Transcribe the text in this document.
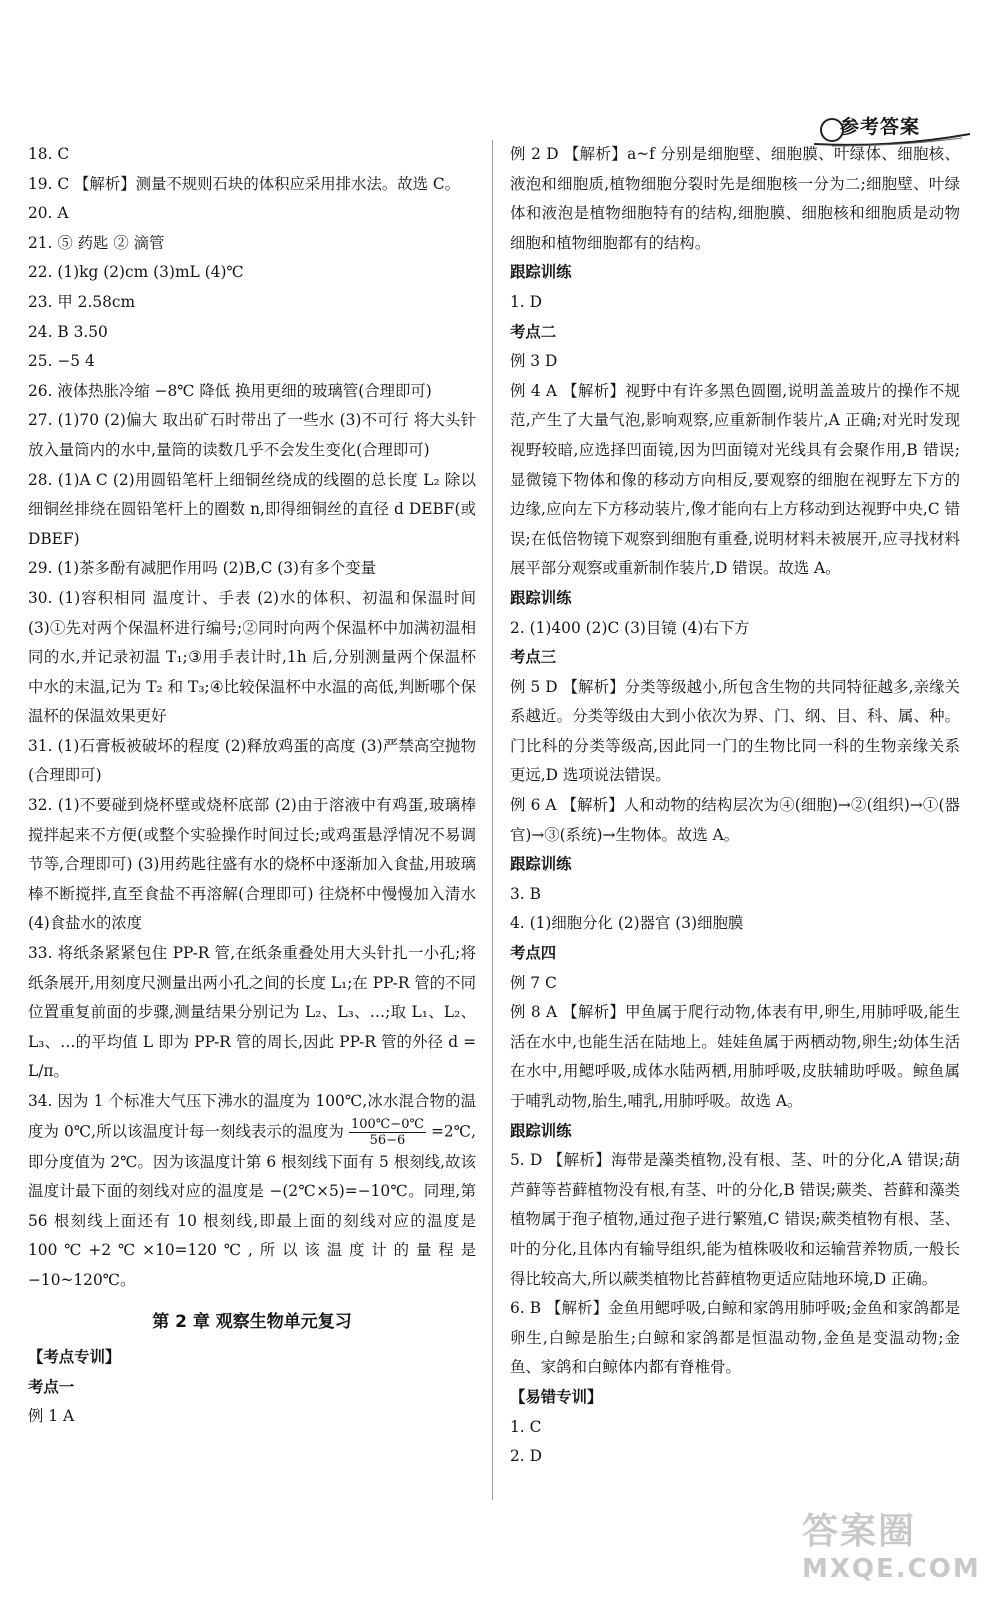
参考答案
18. C
19. C 【解析】测量不规则石块的体积应采用排水法。故选 C。
20. A
21. ⑤ 药匙 ② 滴管
22. (1)kg (2)cm (3)mL (4)℃
23. 甲 2.58cm
24. B 3.50
25. −5 4
26. 液体热胀冷缩 −8℃ 降低 换用更细的玻璃管(合理即可)
27. (1)70 (2)偏大 取出矿石时带出了一些水 (3)不可行 将大头针放入量筒内的水中,量筒的读数几乎不会发生变化(合理即可)
28. (1)A C (2)用圆铅笔杆上细铜丝绕成的线圈的总长度 L₂ 除以细铜丝排绕在圆铅笔杆上的圈数 n,即得细铜丝的直径 d DEBF(或 DBEF)
29. (1)茶多酚有减肥作用吗 (2)B,C (3)有多个变量
30. (1)容积相同 温度计、手表 (2)水的体积、初温和保温时间 (3)①先对两个保温杯进行编号;②同时向两个保温杯中加满初温相同的水,并记录初温 T₁;③用手表计时,1h 后,分别测量两个保温杯中水的末温,记为 T₂ 和 T₃;④比较保温杯中水温的高低,判断哪个保温杯的保温效果更好
31. (1)石膏板被破坏的程度 (2)释放鸡蛋的高度 (3)严禁高空抛物(合理即可)
32. (1)不要碰到烧杯壁或烧杯底部 (2)由于溶液中有鸡蛋,玻璃棒搅拌起来不方便(或整个实验操作时间过长;或鸡蛋悬浮情况不易调节等,合理即可) (3)用药匙往盛有水的烧杯中逐渐加入食盐,用玻璃棒不断搅拌,直至食盐不再溶解(合理即可) 往烧杯中慢慢加入清水 (4)食盐水的浓度
33. 将纸条紧紧包住 PP-R 管,在纸条重叠处用大头针扎一小孔;将纸条展开,用刻度尺测量出两小孔之间的长度 L₁;在 PP-R 管的不同位置重复前面的步骤,测量结果分别记为 L₂、L₃、…;取 L₁、L₂、L₃、…的平均值 L 即为 PP-R 管的周长,因此 PP-R 管的外径 d = L/π。
34. 因为 1 个标准大气压下沸水的温度为 100℃,冰水混合物的温度为 0℃,所以该温度计每一刻线表示的温度为 $\frac{100℃-0℃}{56-6}$ =2℃,即分度值为 2℃。因为该温度计第 6 根刻线下面有 5 根刻线,故该温度计最下面的刻线对应的温度是 −(2℃×5)=−10℃。同理,第 56 根刻线上面还有 10 根刻线,即最上面的刻线对应的温度是 100℃+2℃×10=120℃,所以该温度计的量程是 −10~120℃。
第 2 章 观察生物单元复习
【考点专训】
考点一
例 1 A
例 2 D 【解析】a~f 分别是细胞壁、细胞膜、叶绿体、细胞核、液泡和细胞质,植物细胞分裂时先是细胞核一分为二;细胞壁、叶绿体和液泡是植物细胞特有的结构,细胞膜、细胞核和细胞质是动物细胞和植物细胞都有的结构。
跟踪训练
1. D
考点二
例 3 D
例 4 A 【解析】视野中有许多黑色圆圈,说明盖盖玻片的操作不规范,产生了大量气泡,影响观察,应重新制作装片,A 正确;对光时发现视野较暗,应选择凹面镜,因为凹面镜对光线具有会聚作用,B 错误;显微镜下物体和像的移动方向相反,要观察的细胞在视野左下方的边缘,应向左下方移动装片,像才能向右上方移动到达视野中央,C 错误;在低倍物镜下观察到细胞有重叠,说明材料未被展开,应寻找材料展平部分观察或重新制作装片,D 错误。故选 A。
跟踪训练
2. (1)400 (2)C (3)目镜 (4)右下方
考点三
例 5 D 【解析】分类等级越小,所包含生物的共同特征越多,亲缘关系越近。分类等级由大到小依次为界、门、纲、目、科、属、种。门比科的分类等级高,因此同一门的生物比同一科的生物亲缘关系更远,D 选项说法错误。
例 6 A 【解析】人和动物的结构层次为④(细胞)→②(组织)→①(器官)→③(系统)→生物体。故选 A。
跟踪训练
3. B
4. (1)细胞分化 (2)器官 (3)细胞膜
考点四
例 7 C
例 8 A 【解析】甲鱼属于爬行动物,体表有甲,卵生,用肺呼吸,能生活在水中,也能生活在陆地上。娃娃鱼属于两栖动物,卵生;幼体生活在水中,用鳃呼吸,成体水陆两栖,用肺呼吸,皮肤辅助呼吸。鲸鱼属于哺乳动物,胎生,哺乳,用肺呼吸。故选 A。
跟踪训练
5. D 【解析】海带是藻类植物,没有根、茎、叶的分化,A 错误;葫芦藓等苔藓植物没有根,有茎、叶的分化,B 错误;蕨类、苔藓和藻类植物属于孢子植物,通过孢子进行繁殖,C 错误;蕨类植物有根、茎、叶的分化,且体内有输导组织,能为植株吸收和运输营养物质,一般长得比较高大,所以蕨类植物比苔藓植物更适应陆地环境,D 正确。
6. B 【解析】金鱼用鳃呼吸,白鲸和家鸽用肺呼吸;金鱼和家鸽都是卵生,白鲸是胎生;白鲸和家鸽都是恒温动物,金鱼是变温动物;金鱼、家鸽和白鲸体内都有脊椎骨。
【易错专训】
1. C
2. D
答案圈
MXQE.COM
